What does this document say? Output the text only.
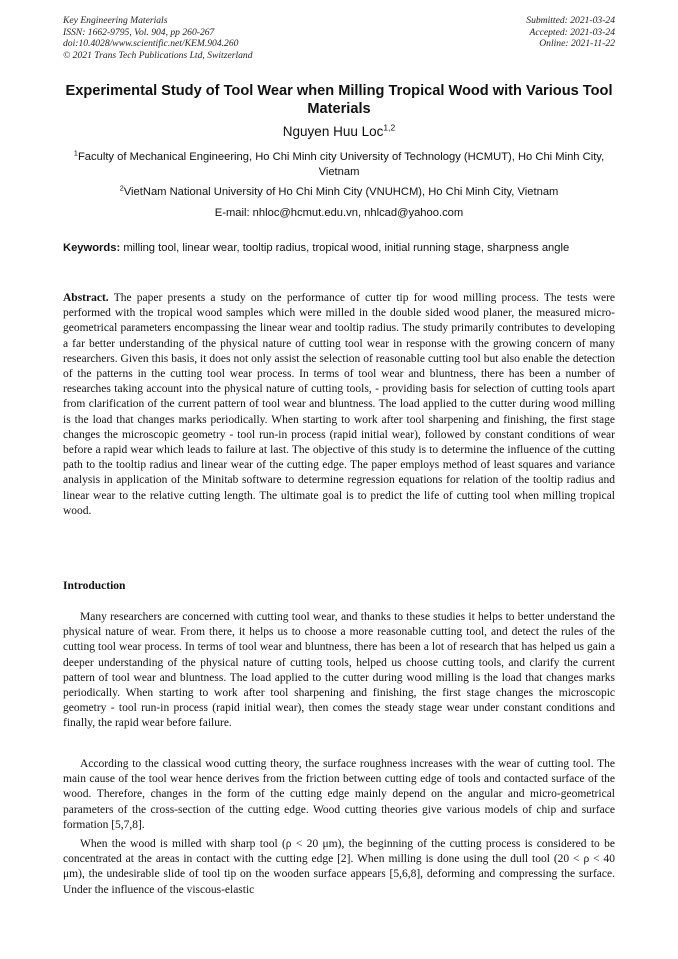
Key Engineering Materials
ISSN: 1662-9795, Vol. 904, pp 260-267
doi:10.4028/www.scientific.net/KEM.904.260
© 2021 Trans Tech Publications Ltd, Switzerland
Submitted: 2021-03-24
Accepted: 2021-03-24
Online: 2021-11-22
Experimental Study of Tool Wear when Milling Tropical Wood with Various Tool Materials
Nguyen Huu Loc$^{1,2}$
$^1$Faculty of Mechanical Engineering, Ho Chi Minh city University of Technology (HCMUT), Ho Chi Minh City, Vietnam
$^2$VietNam National University of Ho Chi Minh City (VNUHCM), Ho Chi Minh City, Vietnam
E-mail: nhloc@hcmut.edu.vn, nhlcad@yahoo.com
Keywords: milling tool, linear wear, tooltip radius, tropical wood, initial running stage, sharpness angle

Abstract. The paper presents a study on the performance of cutter tip for wood milling process. The tests were performed with the tropical wood samples which were milled in the double sided wood planer, the measured micro-geometrical parameters encompassing the linear wear and tooltip radius. The study primarily contributes to developing a far better understanding of the physical nature of cutting tool wear in response with the growing concern of many researchers. Given this basis, it does not only assist the selection of reasonable cutting tool but also enable the detection of the patterns in the cutting tool wear process. In terms of tool wear and bluntness, there has been a number of researches taking account into the physical nature of cutting tools, - providing basis for selection of cutting tools apart from clarification of the current pattern of tool wear and bluntness. The load applied to the cutter during wood milling is the load that changes marks periodically. When starting to work after tool sharpening and finishing, the first stage changes the microscopic geometry - tool run-in process (rapid initial wear), followed by constant conditions of wear before a rapid wear which leads to failure at last. The objective of this study is to determine the influence of the cutting path to the tooltip radius and linear wear of the cutting edge. The paper employs method of least squares and variance analysis in application of the Minitab software to determine regression equations for relation of the tooltip radius and linear wear to the relative cutting length. The ultimate goal is to predict the life of cutting tool when milling tropical wood.

Introduction

Many researchers are concerned with cutting tool wear, and thanks to these studies it helps to better understand the physical nature of wear. From there, it helps us to choose a more reasonable cutting tool, and detect the rules of the cutting tool wear process. In terms of tool wear and bluntness, there has been a lot of research that has helped us gain a deeper understanding of the physical nature of cutting tools, helped us choose cutting tools, and clarify the current pattern of tool wear and bluntness. The load applied to the cutter during wood milling is the load that changes marks periodically. When starting to work after tool sharpening and finishing, the first stage changes the microscopic geometry - tool run-in process (rapid initial wear), then comes the steady stage wear under constant conditions and finally, the rapid wear before failure.

According to the classical wood cutting theory, the surface roughness increases with the wear of cutting tool. The main cause of the tool wear hence derives from the friction between cutting edge of tools and contacted surface of the wood. Therefore, changes in the form of the cutting edge mainly depend on the angular and micro-geometrical parameters of the cross-section of the cutting edge. Wood cutting theories give various models of chip and surface formation [5,7,8].

When the wood is milled with sharp tool (ρ < 20 μm), the beginning of the cutting process is considered to be concentrated at the areas in contact with the cutting edge [2]. When milling is done using the dull tool (20 < ρ < 40 μm), the undesirable slide of tool tip on the wooden surface appears [5,6,8], deforming and compressing the surface. Under the influence of the viscous-elastic
